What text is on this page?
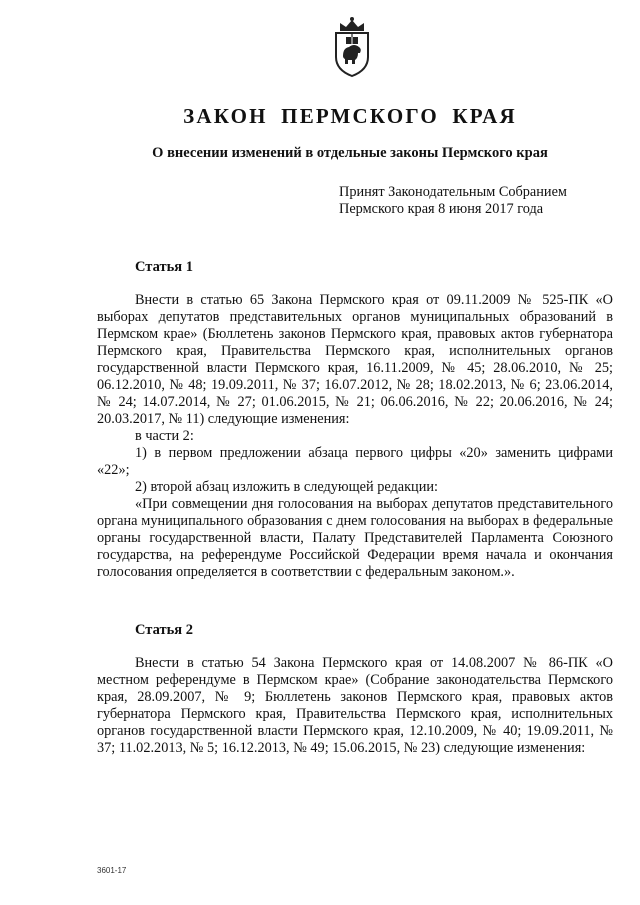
ЗАКОН ПЕРМСКОГО КРАЯ
О внесении изменений в отдельные законы Пермского края
Принят Законодательным Собранием
Пермского края 8 июня 2017 года
Статья 1

Внести в статью 65 Закона Пермского края от 09.11.2009 № 525-ПК «О выборах депутатов представительных органов муниципальных образований в Пермском крае» (Бюллетень законов Пермского края, правовых актов губернатора Пермского края, Правительства Пермского края, исполнительных органов государственной власти Пермского края, 16.11.2009, № 45; 28.06.2010, № 25; 06.12.2010, № 48; 19.09.2011, № 37; 16.07.2012, № 28; 18.02.2013, № 6; 23.06.2014, № 24; 14.07.2014, № 27; 01.06.2015, № 21; 06.06.2016, № 22; 20.06.2016, № 24; 20.03.2017, № 11) следующие изменения:

в части 2:

1) в первом предложении абзаца первого цифры «20» заменить цифрами «22»;

2) второй абзац изложить в следующей редакции:

«При совмещении дня голосования на выборах депутатов представительного органа муниципального образования с днем голосования на выборах в федеральные органы государственной власти, Палату Представителей Парламента Союзного государства, на референдуме Российской Федерации время начала и окончания голосования определяется в соответствии с федеральным законом.».

Статья 2

Внести в статью 54 Закона Пермского края от 14.08.2007 № 86-ПК «О местном референдуме в Пермском крае» (Собрание законодательства Пермского края, 28.09.2007, № 9; Бюллетень законов Пермского края, правовых актов губернатора Пермского края, Правительства Пермского края, исполнительных органов государственной власти Пермского края, 12.10.2009, № 40; 19.09.2011, № 37; 11.02.2013, № 5; 16.12.2013, № 49; 15.06.2015, № 23) следующие изменения:

3601-17
